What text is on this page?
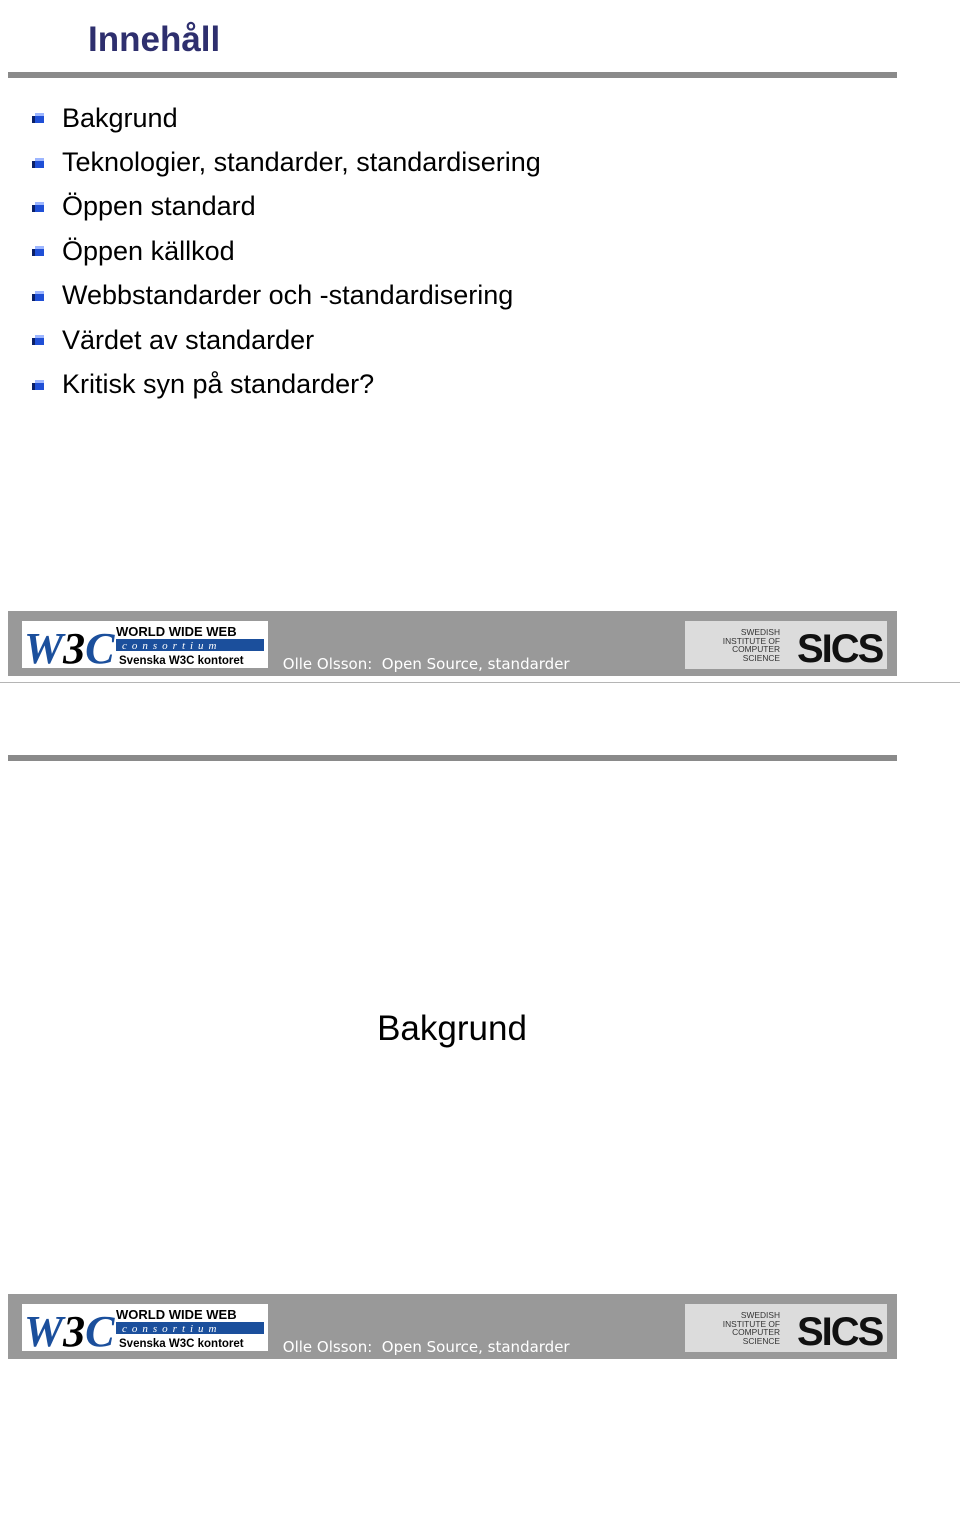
Innehåll
Bakgrund
Teknologier, standarder, standardisering
Öppen standard
Öppen källkod
Webbstandarder och -standardisering
Värdet av standarder
Kritisk syn på standarder?
W3C WORLD WIDE WEB
consortium
Svenska W3C kontoret

Olle Olsson:  Open Source, standarder

DFS-seminarium	(11)

© 2009 W3C

SWEDISH
INSTITUTE OF
COMPUTER
SCIENCE SICS
Bakgrund
W3C WORLD WIDE WEB
consortium
Svenska W3C kontoret

Olle Olsson:  Open Source, standarder

DFS-seminarium	(12)

© 2009 W3C

SWEDISH
INSTITUTE OF
COMPUTER
SCIENCE SICS
